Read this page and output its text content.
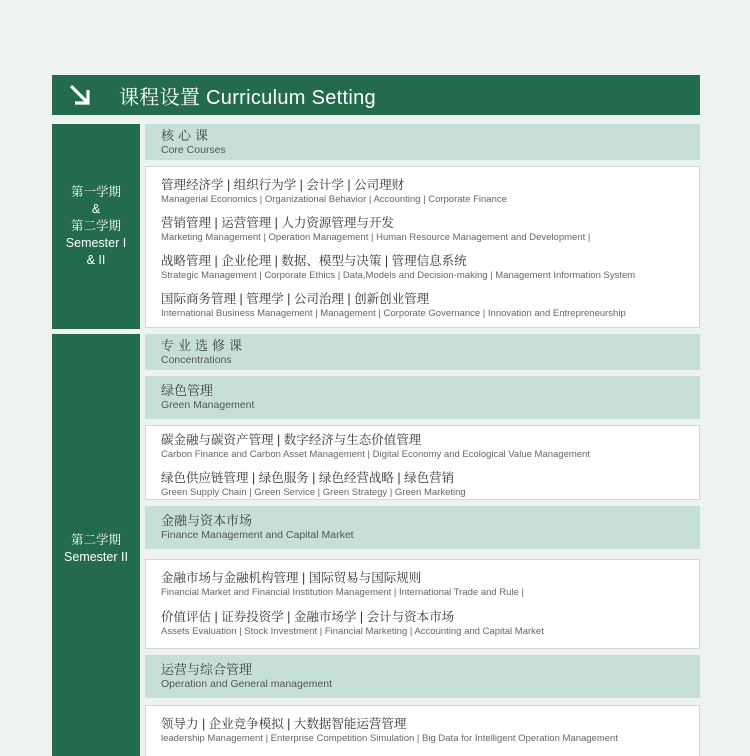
课程设置 Curriculum Setting
第一学期
&
第二学期
Semester I
& II
第二学期
Semester II
核心课
Core Courses
管理经济学 | 组织行为学 | 会计学 | 公司理财
Managerial Economics | Organizational Behavior | Accounting | Corporate Finance
营销管理 | 运营管理 | 人力资源管理与开发
Marketing Management | Operation Management | Human Resource Management and Development |
战略管理 | 企业伦理 | 数据、模型与决策 | 管理信息系统
Strategic Management | Corporate Ethics | Data,Models and Decision-making | Management Information System
国际商务管理 | 管理学 | 公司治理 | 创新创业管理
International Business Management | Management | Corporate Governance | Innovation and Entrepreneurship
专业选修课
Concentrations
绿色管理
Green Management
碳金融与碳资产管理 | 数字经济与生态价值管理
Carbon Finance and Carbon Asset Management | Digital Economy and Ecological Value Management
绿色供应链管理 | 绿色服务 | 绿色经营战略 | 绿色营销
Green Supply Chain | Green Service | Green Strategy | Green Marketing
金融与资本市场
Finance Management and Capital Market
金融市场与金融机构管理 | 国际贸易与国际规则
Financial Market and Financial Institution Management | International Trade and Rule |
价值评估 | 证券投资学 | 金融市场学 | 会计与资本市场
Assets Evaluation | Stock Investment | Financial Marketing | Accounting and Capital Market
运营与综合管理
Operation and General management
领导力 | 企业竞争模拟 | 大数据智能运营管理
leadership Management | Enterprise Competition Simulation | Big Data for Intelligent Operation Management
